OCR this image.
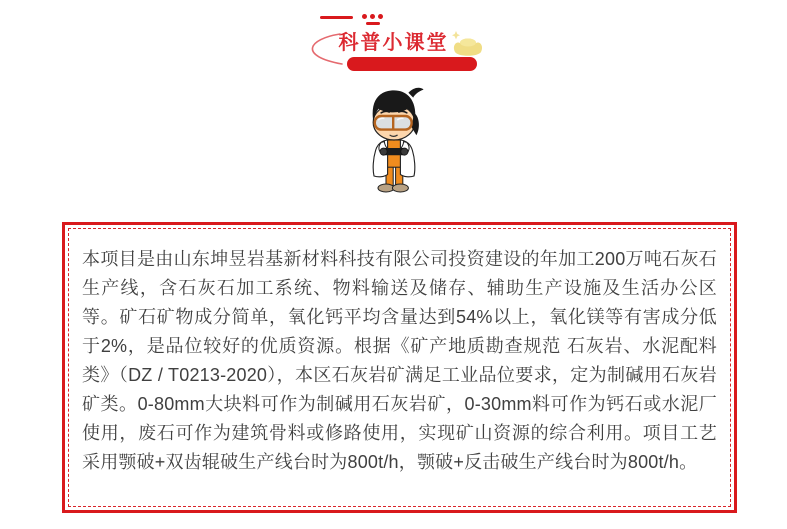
科普小课堂

本项目是由山东坤昱岩基新材料科技有限公司投资建设的年加工200万吨石灰石生产线，含石灰石加工系统、物料输送及储存、辅助生产设施及生活办公区等。矿石矿物成分简单，氧化钙平均含量达到54%以上，氧化镁等有害成分低于2%，是品位较好的优质资源。根据《矿产地质勘查规范 石灰岩、水泥配料类》（DZ / T0213-2020），本区石灰岩矿满足工业品位要求，定为制碱用石灰岩矿类。0-80mm大块料可作为制碱用石灰岩矿，0-30mm料可作为钙石或水泥厂使用，废石可作为建筑骨料或修路使用，实现矿山资源的综合利用。项目工艺采用颚破+双齿辊破生产线台时为800t/h，颚破+反击破生产线台时为800t/h。
